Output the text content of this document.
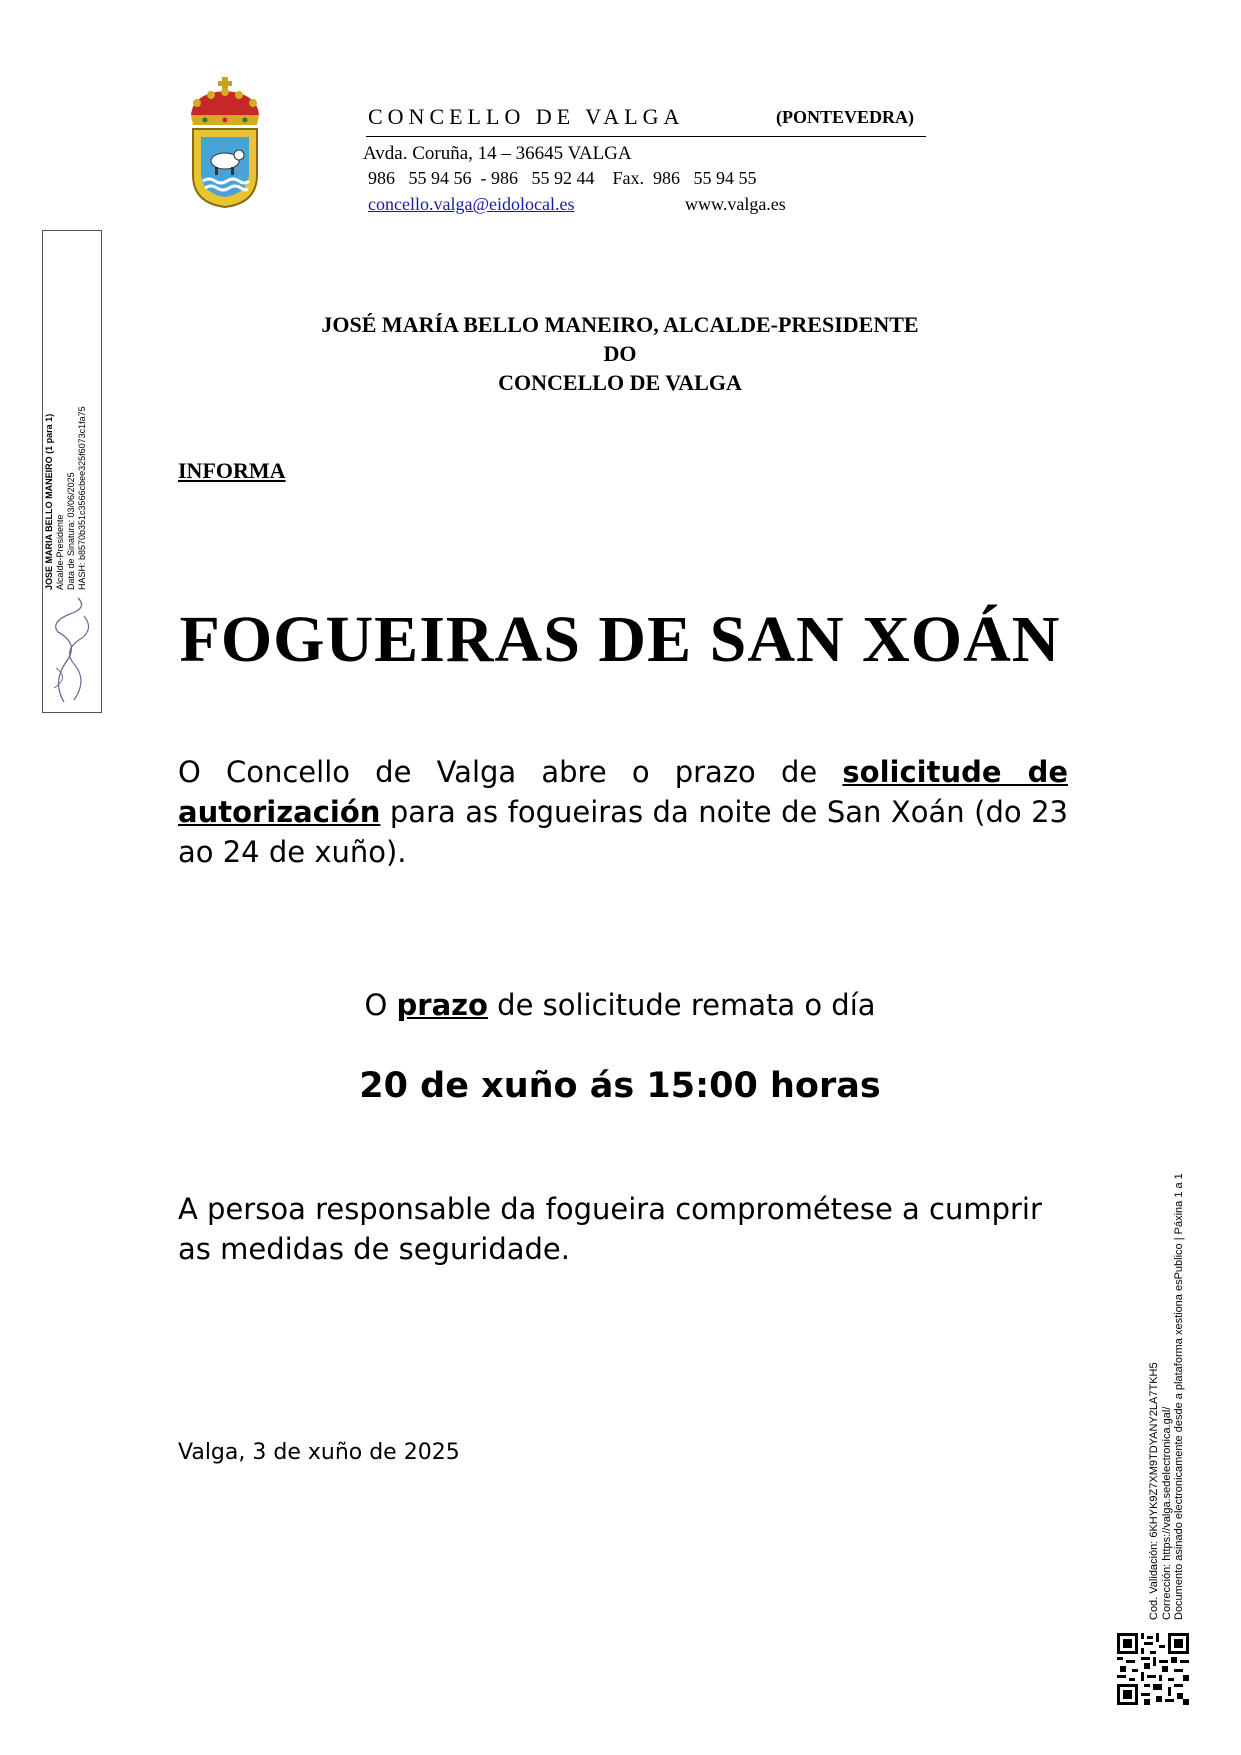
CONCELLO DE VALGA	(PONTEVEDRA)
Avda. Coruña, 14 – 36645 VALGA
986   55 94 56  - 986   55 92 44    Fax.  986   55 94 55
concello.valga@eidolocal.es	www.valga.es
JOSE MARIA BELLO MANEIRO (1 para 1) Alcalde-Presidente Data de Sinatura: 03/06/2025 HASH: b8570b351c3566cbee325f6073c1fa75
JOSÉ MARÍA BELLO MANEIRO, ALCALDE-PRESIDENTE
DO
CONCELLO DE VALGA
INFORMA
FOGUEIRAS DE SAN XOÁN
O Concello de Valga abre o prazo de solicitude de autorización para as fogueiras da noite de San Xoán (do 23 ao 24 de xuño).
O prazo de solicitude remata o día
20 de xuño ás 15:00 horas
A persoa responsable da fogueira comprométese a cumprir as medidas de seguridade.
Valga, 3 de xuño de 2025	Cod. Validación: 6KHYK9Z7XM9TDYANY2LA7TKH5 Corrección: https://valga.sedelectronica.gal/ Documento asinado electronicamente desde a plataforma xestiona esPublico | Páxina 1 a 1
